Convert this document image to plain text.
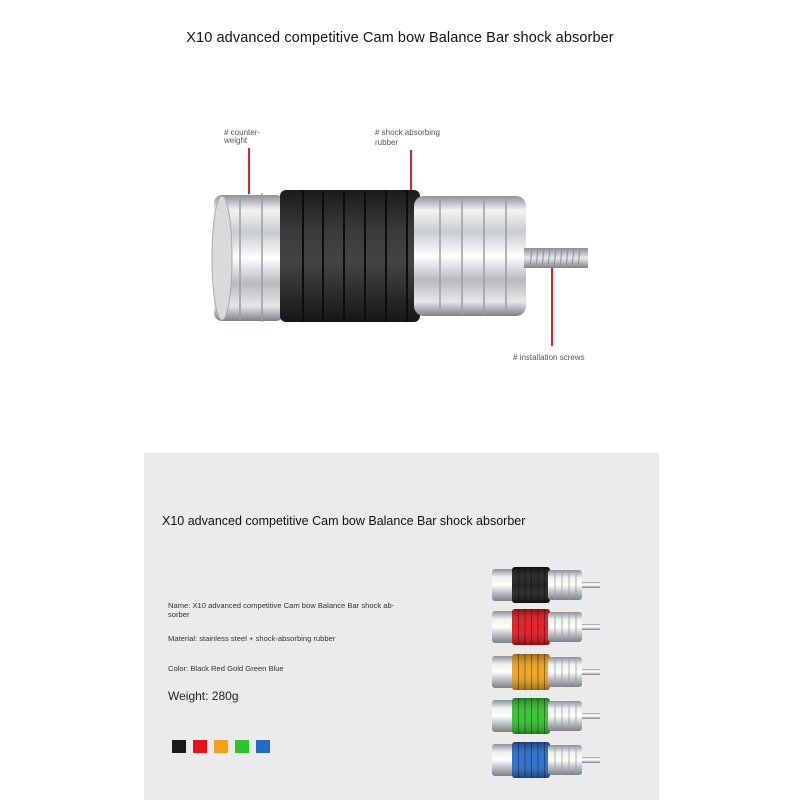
X10 advanced competitive Cam bow Balance Bar shock absorber
# counter-
weight
# shock absorbing
rubber
# installation screws
X10 advanced competitive Cam bow Balance Bar shock absorber
Name: X10 advanced competitive Cam bow Balance Bar shock ab-
sorber
Material: stainless steel + shock-absorbing rubber
Color: Black Red Gold Green Blue
Weight: 280g
